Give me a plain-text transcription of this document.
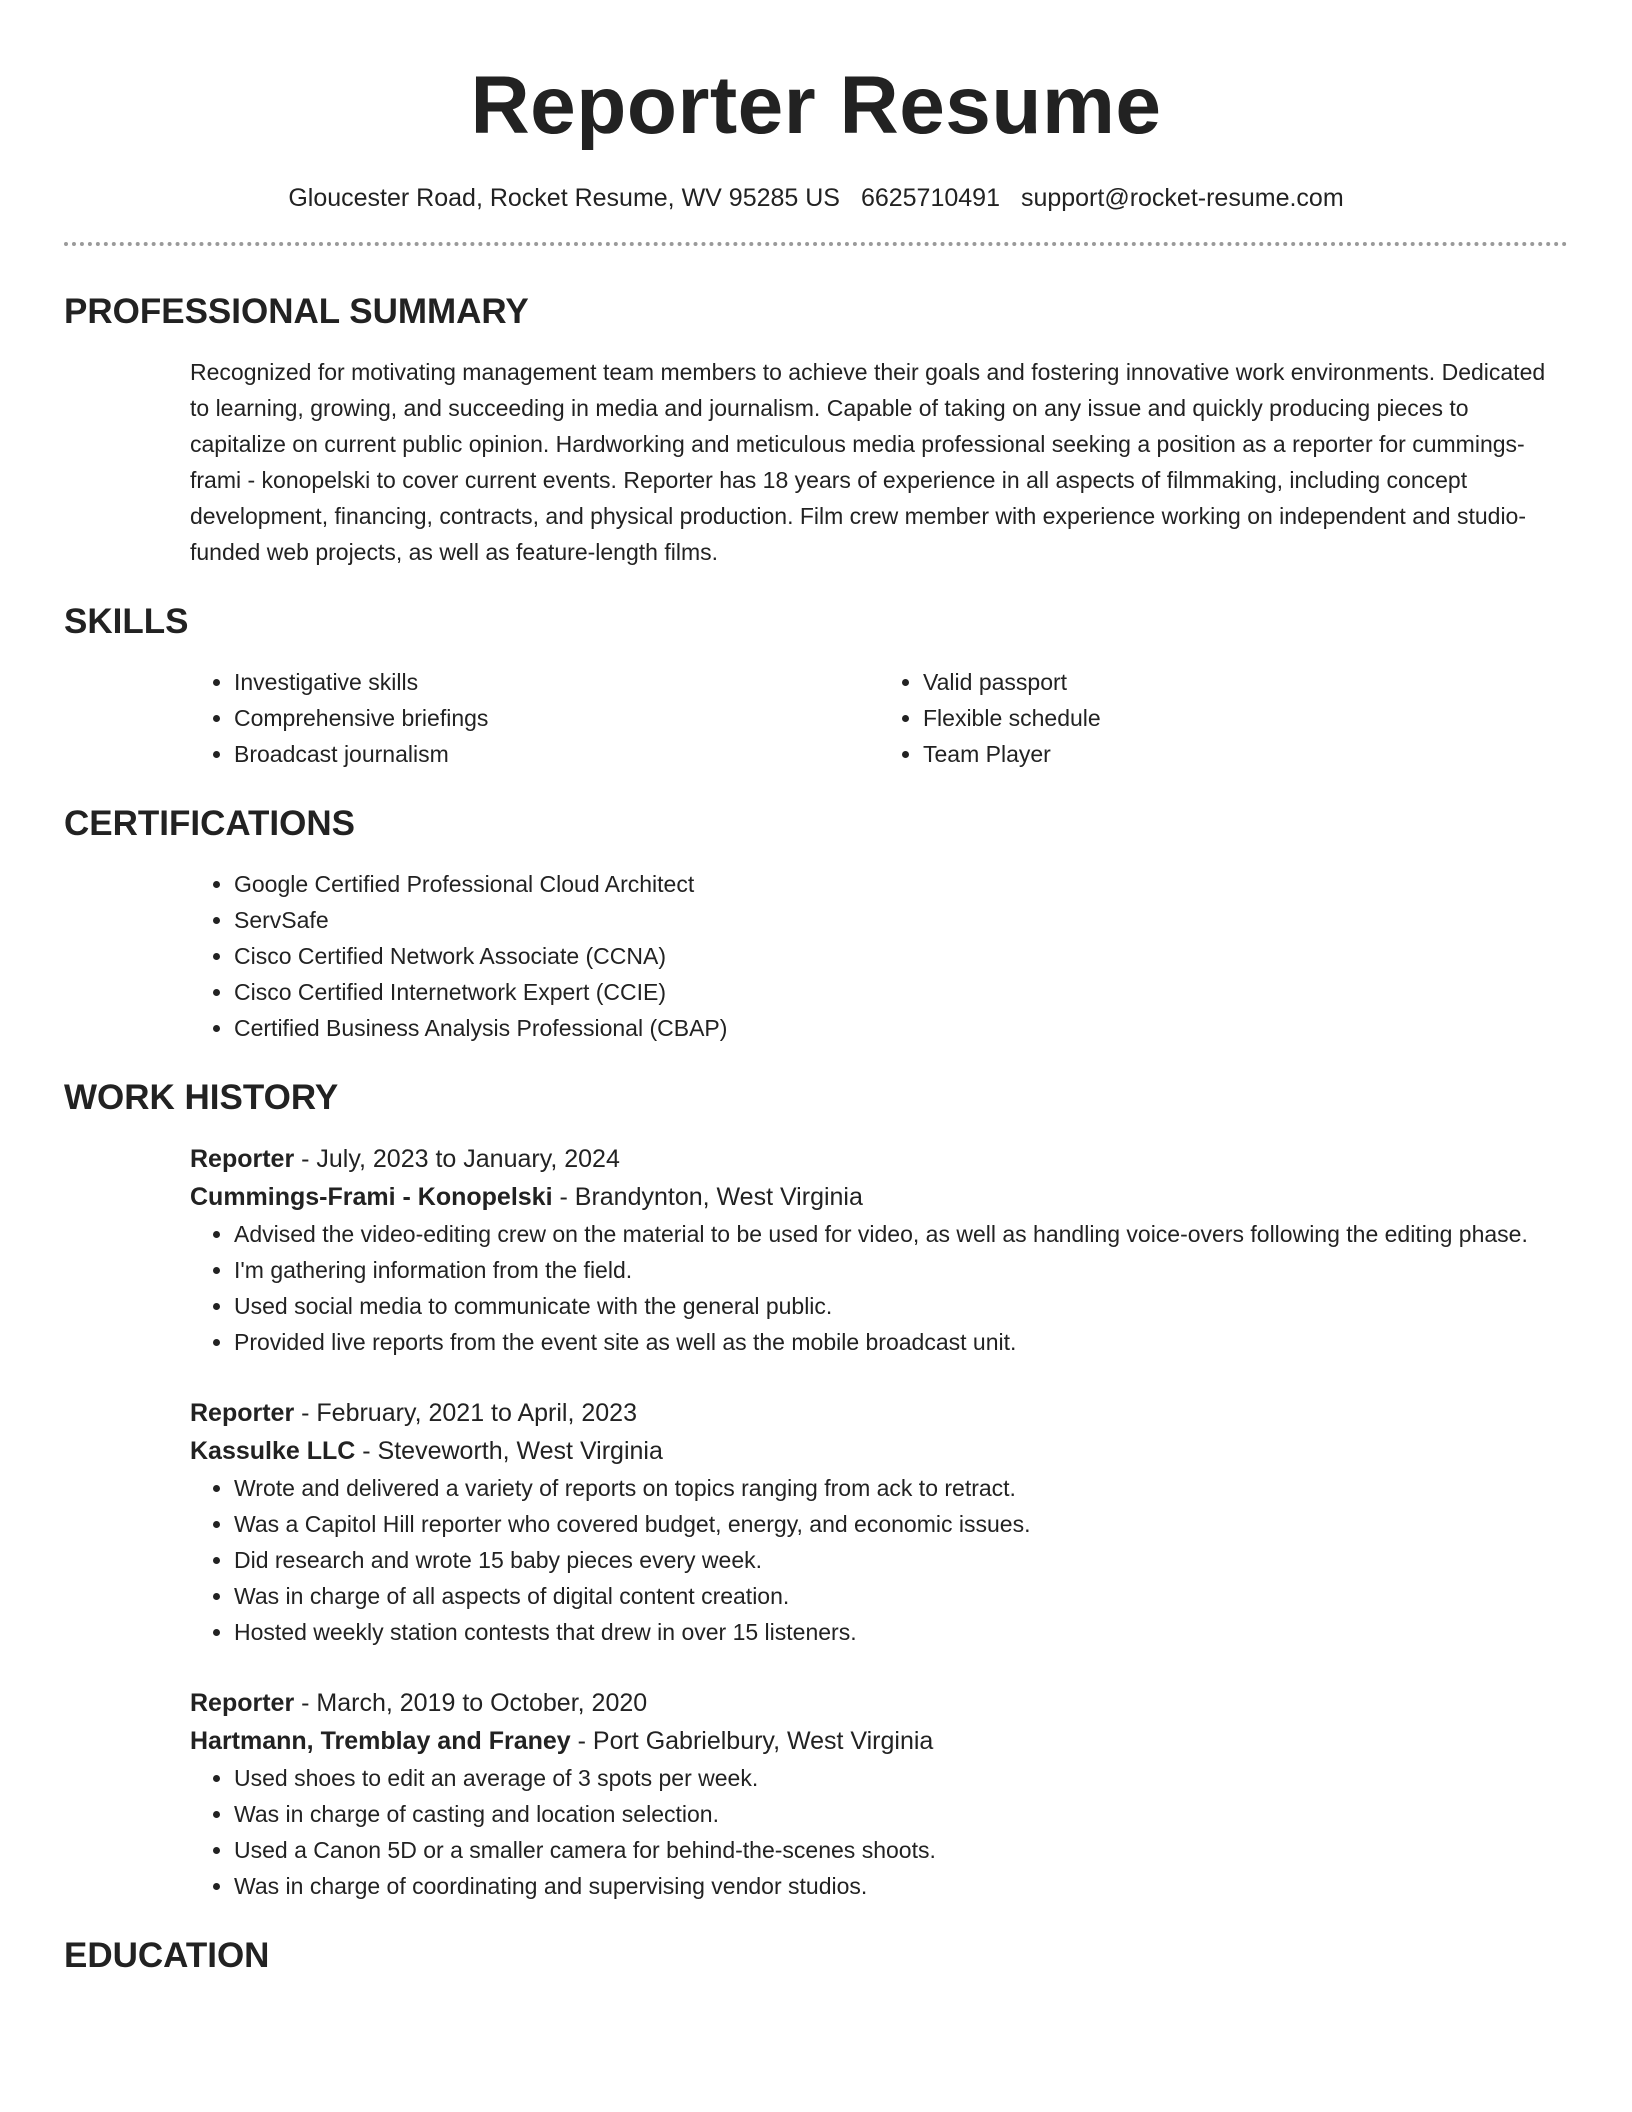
Reporter Resume
Gloucester Road, Rocket Resume, WV 95285 US 6625710491 support@rocket-resume.com
PROFESSIONAL SUMMARY

Recognized for motivating management team members to achieve their goals and fostering innovative work environments. Dedicated to learning, growing, and succeeding in media and journalism. Capable of taking on any issue and quickly producing pieces to capitalize on current public opinion. Hardworking and meticulous media professional seeking a position as a reporter for cummings-frami - konopelski to cover current events. Reporter has 18 years of experience in all aspects of filmmaking, including concept development, financing, contracts, and physical production. Film crew member with experience working on independent and studio-funded web projects, as well as feature-length films.

SKILLS
• Investigative skills
• Comprehensive briefings
• Broadcast journalism
• Valid passport
• Flexible schedule
• Team Player
CERTIFICATIONS
• Google Certified Professional Cloud Architect
• ServSafe
• Cisco Certified Network Associate (CCNA)
• Cisco Certified Internetwork Expert (CCIE)
• Certified Business Analysis Professional (CBAP)
WORK HISTORY

Reporter - July, 2023 to January, 2024

Cummings-Frami - Konopelski - Brandynton, West Virginia

• Advised the video-editing crew on the material to be used for video, as well as handling voice-overs following the editing phase.
• I'm gathering information from the field.
• Used social media to communicate with the general public.
• Provided live reports from the event site as well as the mobile broadcast unit.

Reporter - February, 2021 to April, 2023

Kassulke LLC - Steveworth, West Virginia

• Wrote and delivered a variety of reports on topics ranging from ack to retract.
• Was a Capitol Hill reporter who covered budget, energy, and economic issues.
• Did research and wrote 15 baby pieces every week.
• Was in charge of all aspects of digital content creation.
• Hosted weekly station contests that drew in over 15 listeners.

Reporter - March, 2019 to October, 2020

Hartmann, Tremblay and Franey - Port Gabrielbury, West Virginia

• Used shoes to edit an average of 3 spots per week.
• Was in charge of casting and location selection.
• Used a Canon 5D or a smaller camera for behind-the-scenes shoots.
• Was in charge of coordinating and supervising vendor studios.
EDUCATION
